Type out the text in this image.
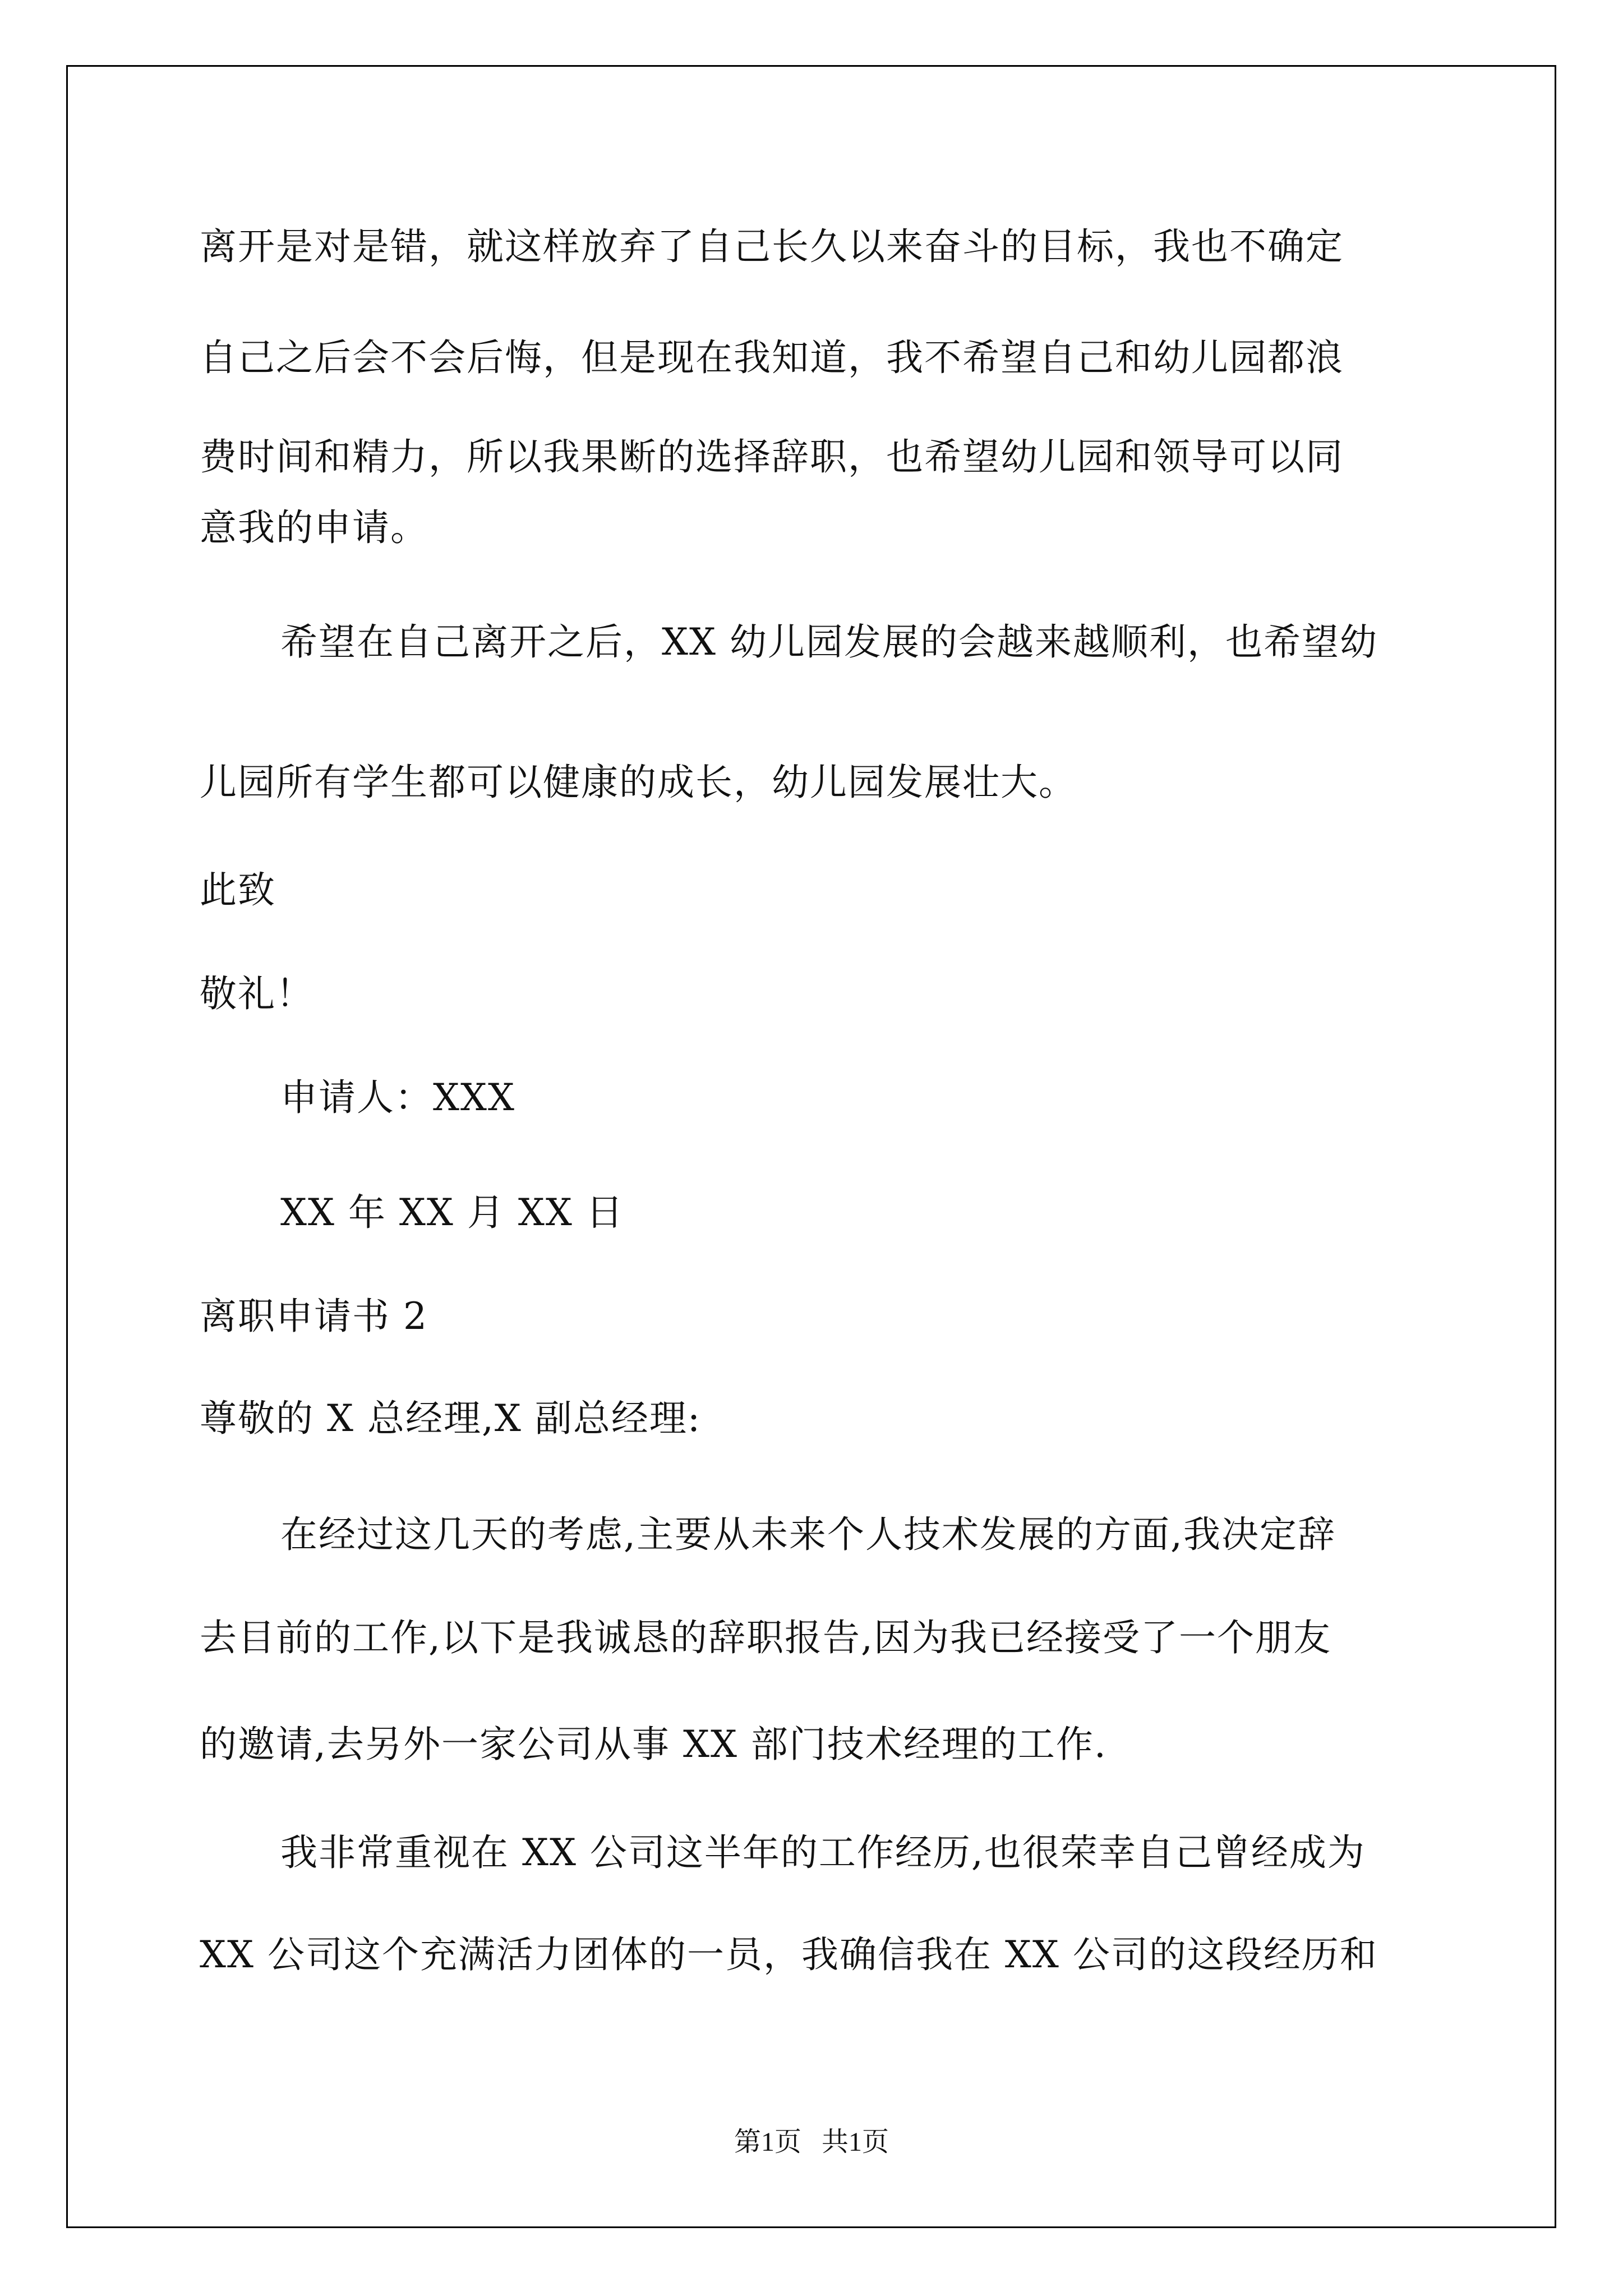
离开是对是错，就这样放弃了自己长久以来奋斗的目标，我也不确定

自己之后会不会后悔，但是现在我知道，我不希望自己和幼儿园都浪

费时间和精力，所以我果断的选择辞职，也希望幼儿园和领导可以同

意我的申请。

希望在自己离开之后，XX 幼儿园发展的会越来越顺利，也希望幼

儿园所有学生都可以健康的成长，幼儿园发展壮大。

此致

敬礼！

申请人：XXX

XX 年 XX 月 XX 日

离职申请书 2

尊敬的 X 总经理,X 副总经理:

在经过这几天的考虑,主要从未来个人技术发展的方面,我决定辞

去目前的工作,以下是我诚恳的辞职报告,因为我已经接受了一个朋友

的邀请,去另外一家公司从事 XX 部门技术经理的工作.

我非常重视在 XX 公司这半年的工作经历,也很荣幸自己曾经成为

XX 公司这个充满活力团体的一员，我确信我在 XX 公司的这段经历和

第1页   共1页
